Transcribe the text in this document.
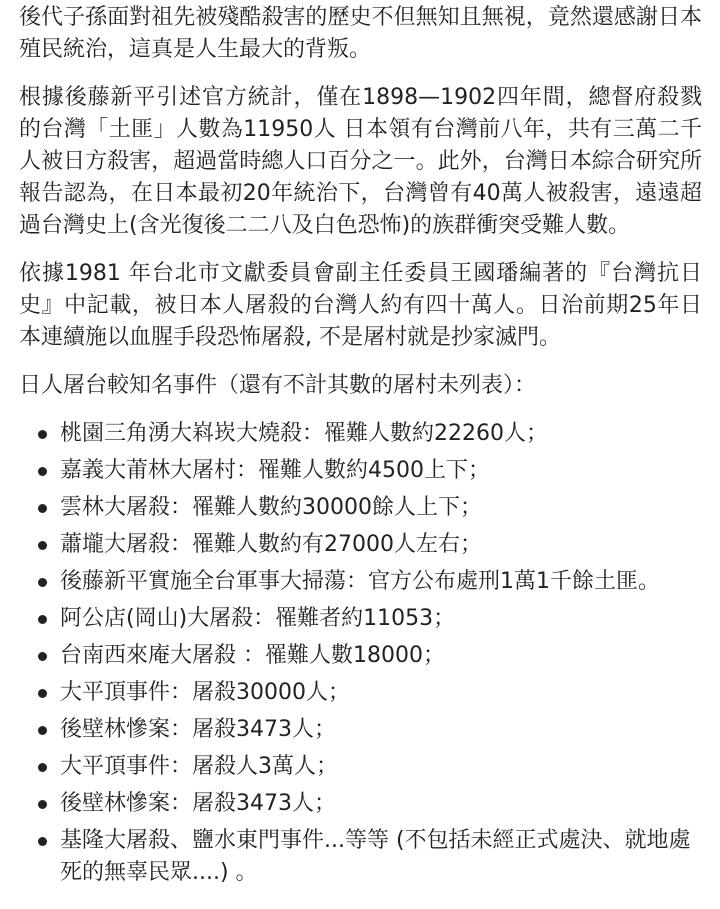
後代子孫面對祖先被殘酷殺害的歷史不但無知且無視，竟然還感謝日本殖民統治，這真是人生最大的背叛。

根據後藤新平引述官方統計，僅在1898—1902四年間，總督府殺戮的台灣「土匪」人數為11950人 日本領有台灣前八年，共有三萬二千人被日方殺害，超過當時總人口百分之一。此外，台灣日本綜合研究所報告認為，在日本最初20年統治下，台灣曾有40萬人被殺害，遠遠超過台灣史上(含光復後二二八及白色恐怖)的族群衝突受難人數。

依據1981 年台北市文獻委員會副主任委員王國璠編著的『台灣抗日史』中記載，被日本人屠殺的台灣人約有四十萬人。日治前期25年日本連續施以血腥手段恐怖屠殺, 不是屠村就是抄家滅門。

日人屠台較知名事件（還有不計其數的屠村未列表）：

桃園三角湧大嵙崁大燒殺：罹難人數約22260人；
嘉義大莆林大屠村：罹難人數約4500上下；
雲林大屠殺：罹難人數約30000餘人上下；
蕭壠大屠殺：罹難人數約有27000人左右；
後藤新平實施全台軍事大掃蕩：官方公布處刑1萬1千餘土匪。
阿公店(岡山)大屠殺：罹難者約11053；
台南西來庵大屠殺 ：罹難人數18000；
大平頂事件：屠殺30000人；
後壁林慘案：屠殺3473人；
大平頂事件：屠殺人3萬人；
後壁林慘案：屠殺3473人；
基隆大屠殺、鹽水東門事件...等等 (不包括未經正式處決、就地處死的無辜民眾....) 。
